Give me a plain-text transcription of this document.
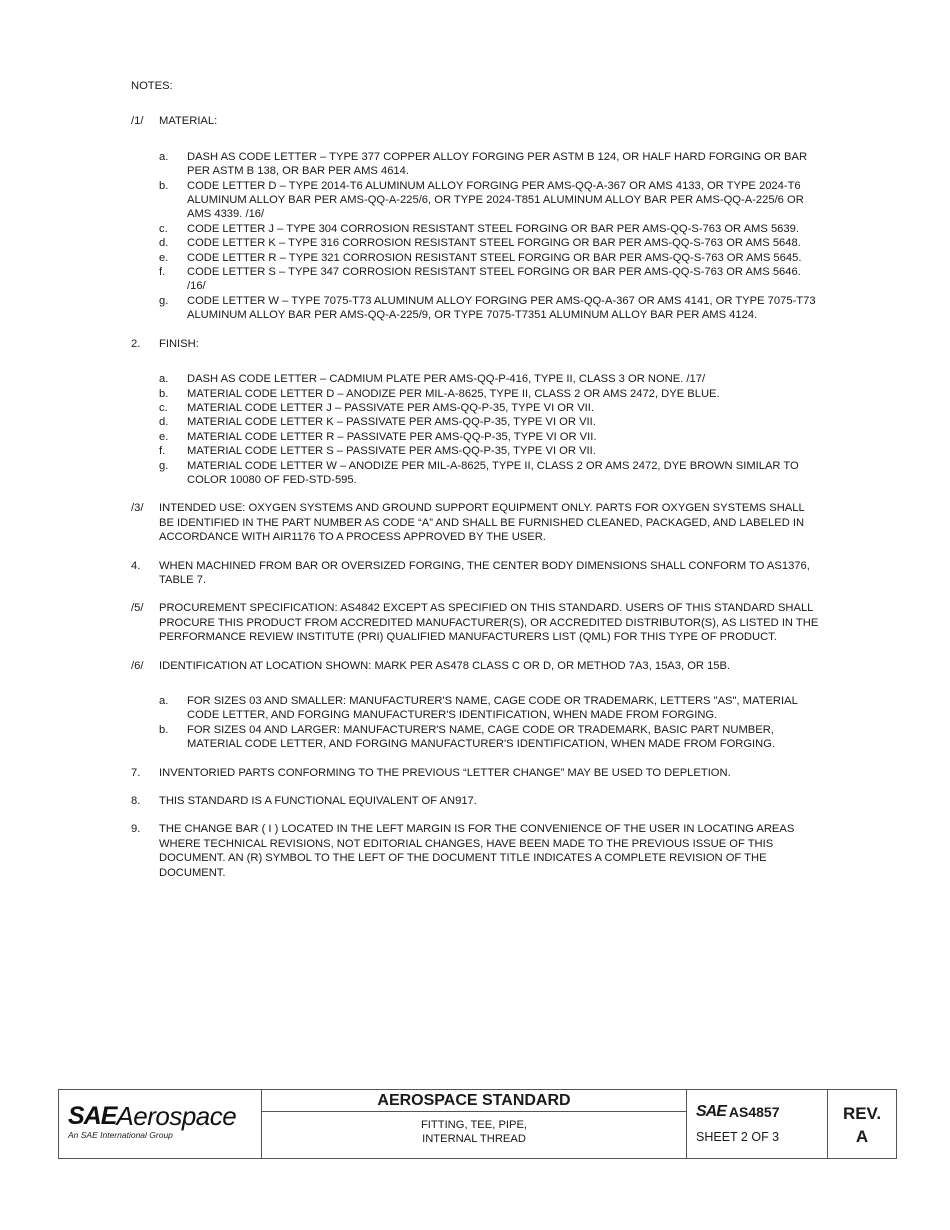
NOTES:
/1/	MATERIAL:
a.	DASH AS CODE LETTER – TYPE 377 COPPER ALLOY FORGING PER ASTM B 124, OR HALF HARD FORGING OR BAR PER ASTM B 138, OR BAR PER AMS 4614.
b.	CODE LETTER D – TYPE 2014-T6 ALUMINUM ALLOY FORGING PER AMS-QQ-A-367 OR AMS 4133, OR TYPE 2024-T6 ALUMINUM ALLOY BAR PER AMS-QQ-A-225/6, OR TYPE 2024-T851 ALUMINUM ALLOY BAR PER AMS-QQ-A-225/6 OR AMS 4339. /16/
c.	CODE LETTER J – TYPE 304 CORROSION RESISTANT STEEL FORGING OR BAR PER AMS-QQ-S-763 OR AMS 5639.
d.	CODE LETTER K – TYPE 316 CORROSION RESISTANT STEEL FORGING OR BAR PER AMS-QQ-S-763 OR AMS 5648.
e.	CODE LETTER R – TYPE 321 CORROSION RESISTANT STEEL FORGING OR BAR PER AMS-QQ-S-763 OR AMS 5645.
f.	CODE LETTER S – TYPE 347 CORROSION RESISTANT STEEL FORGING OR BAR PER AMS-QQ-S-763 OR AMS 5646. /16/
g.	CODE LETTER W – TYPE 7075-T73 ALUMINUM ALLOY FORGING PER AMS-QQ-A-367 OR AMS 4141, OR TYPE 7075-T73 ALUMINUM ALLOY BAR PER AMS-QQ-A-225/9, OR TYPE 7075-T7351 ALUMINUM ALLOY BAR PER AMS 4124.
2.	FINISH:
a.	DASH AS CODE LETTER – CADMIUM PLATE PER AMS-QQ-P-416, TYPE II, CLASS 3 OR NONE. /17/
b.	MATERIAL CODE LETTER D – ANODIZE PER MIL-A-8625, TYPE II, CLASS 2 OR AMS 2472, DYE BLUE.
c.	MATERIAL CODE LETTER J – PASSIVATE PER AMS-QQ-P-35, TYPE VI OR VII.
d.	MATERIAL CODE LETTER K – PASSIVATE PER AMS-QQ-P-35, TYPE VI OR VII.
e.	MATERIAL CODE LETTER R – PASSIVATE PER AMS-QQ-P-35, TYPE VI OR VII.
f.	MATERIAL CODE LETTER S – PASSIVATE PER AMS-QQ-P-35, TYPE VI OR VII.
g.	MATERIAL CODE LETTER W – ANODIZE PER MIL-A-8625, TYPE II, CLASS 2 OR AMS 2472, DYE BROWN SIMILAR TO COLOR 10080 OF FED-STD-595.
/3/	INTENDED USE: OXYGEN SYSTEMS AND GROUND SUPPORT EQUIPMENT ONLY. PARTS FOR OXYGEN SYSTEMS SHALL BE IDENTIFIED IN THE PART NUMBER AS CODE “A” AND SHALL BE FURNISHED CLEANED, PACKAGED, AND LABELED IN ACCORDANCE WITH AIR1176 TO A PROCESS APPROVED BY THE USER.
4.	WHEN MACHINED FROM BAR OR OVERSIZED FORGING, THE CENTER BODY DIMENSIONS SHALL CONFORM TO AS1376, TABLE 7.
/5/	PROCUREMENT SPECIFICATION: AS4842 EXCEPT AS SPECIFIED ON THIS STANDARD. USERS OF THIS STANDARD SHALL PROCURE THIS PRODUCT FROM ACCREDITED MANUFACTURER(S), OR ACCREDITED DISTRIBUTOR(S), AS LISTED IN THE PERFORMANCE REVIEW INSTITUTE (PRI) QUALIFIED MANUFACTURERS LIST (QML) FOR THIS TYPE OF PRODUCT.
/6/	IDENTIFICATION AT LOCATION SHOWN: MARK PER AS478 CLASS C OR D, OR METHOD 7A3, 15A3, OR 15B.
a.	FOR SIZES 03 AND SMALLER: MANUFACTURER'S NAME, CAGE CODE OR TRADEMARK, LETTERS "AS", MATERIAL CODE LETTER, AND FORGING MANUFACTURER'S IDENTIFICATION, WHEN MADE FROM FORGING.
b.	FOR SIZES 04 AND LARGER: MANUFACTURER'S NAME, CAGE CODE OR TRADEMARK, BASIC PART NUMBER, MATERIAL CODE LETTER, AND FORGING MANUFACTURER'S IDENTIFICATION, WHEN MADE FROM FORGING.
7.	INVENTORIED PARTS CONFORMING TO THE PREVIOUS “LETTER CHANGE” MAY BE USED TO DEPLETION.
8.	THIS STANDARD IS A FUNCTIONAL EQUIVALENT OF AN917.
9.	THE CHANGE BAR ( I ) LOCATED IN THE LEFT MARGIN IS FOR THE CONVENIENCE OF THE USER IN LOCATING AREAS WHERE TECHNICAL REVISIONS, NOT EDITORIAL CHANGES, HAVE BEEN MADE TO THE PREVIOUS ISSUE OF THIS DOCUMENT. AN (R) SYMBOL TO THE LEFT OF THE DOCUMENT TITLE INDICATES A COMPLETE REVISION OF THE DOCUMENT.
SAE Aerospace
An SAE International Group
AEROSPACE STANDARD
FITTING, TEE, PIPE,
INTERNAL THREAD
SAE AS4857
SHEET 2 OF 3
REV.
A
